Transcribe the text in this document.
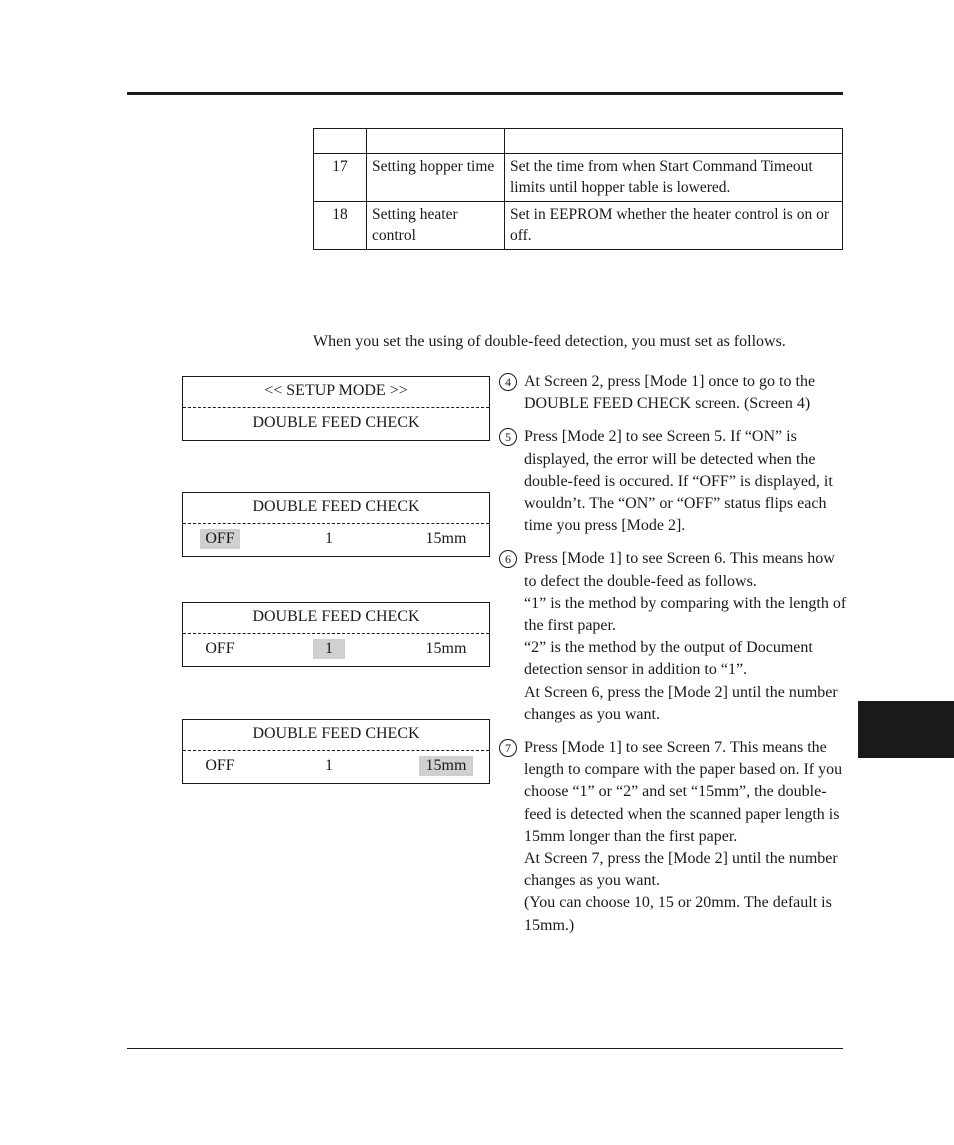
17	Setting hopper time	Set the time from when Start Command Timeout limits until hopper table is lowered.
18	Setting heater control	Set in EEPROM whether the heater control is on or off.
When you set the using of double-feed detection, you must set as follows.
<< SETUP MODE >>
DOUBLE FEED CHECK
DOUBLE FEED CHECK
OFF	1	15mm
DOUBLE FEED CHECK
OFF	1	15mm
DOUBLE FEED CHECK
OFF	1	15mm
4 At Screen 2, press [Mode 1] once to go to the DOUBLE FEED CHECK screen. (Screen 4)

5 Press [Mode 2] to see Screen 5. If “ON” is displayed, the error will be detected when the double-feed is occured. If “OFF” is displayed, it wouldn’t. The “ON” or “OFF” status flips each time you press [Mode 2].

6 Press [Mode 1] to see Screen 6. This means how to defect the double-feed as follows.

“1” is the method by comparing with the length of the first paper.

“2” is the method by the output of Document detection sensor in addition to “1”.

At Screen 6, press the [Mode 2] until the number changes as you want.

7 Press [Mode 1] to see Screen 7. This means the length to compare with the paper based on. If you choose “1” or “2” and set “15mm”, the double-feed is detected when the scanned paper length is 15mm longer than the first paper.

At Screen 7, press the [Mode 2] until the number changes as you want.

(You can choose 10, 15 or 20mm. The default is 15mm.)
